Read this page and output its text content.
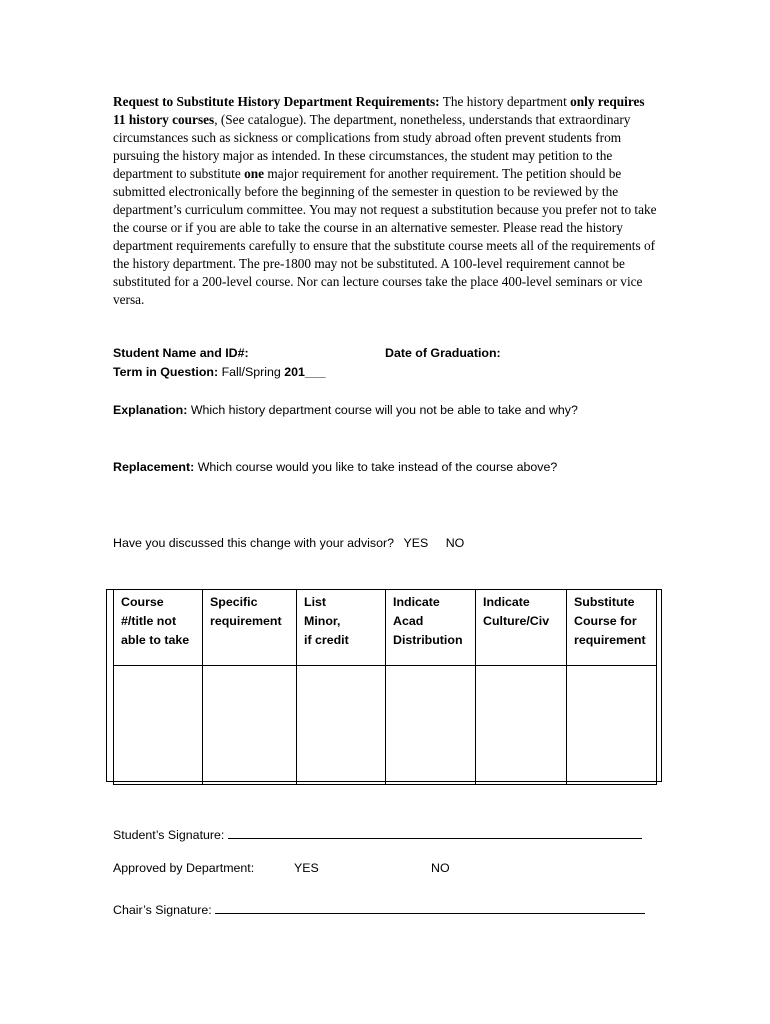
Request to Substitute History Department Requirements: The history department only requires 11 history courses, (See catalogue). The department, nonetheless, understands that extraordinary circumstances such as sickness or complications from study abroad often prevent students from pursuing the history major as intended. In these circumstances, the student may petition to the department to substitute one major requirement for another requirement. The petition should be submitted electronically before the beginning of the semester in question to be reviewed by the department’s curriculum committee. You may not request a substitution because you prefer not to take the course or if you are able to take the course in an alternative semester. Please read the history department requirements carefully to ensure that the substitute course meets all of the requirements of the history department. The pre-1800 may not be substituted. A 100-level requirement cannot be substituted for a 200-level course. Nor can lecture courses take the place 400-level seminars or vice versa.
Student Name and ID#:	Date of Graduation:
Term in Question: Fall/Spring 201___
Explanation: Which history department course will you not be able to take and why?
Replacement: Which course would you like to take instead of the course above?
Have you discussed this change with your advisor? YES NO
Course
#/title not
able to take	Specific
requirement	List
Minor,
if credit	Indicate
Acad
Distribution	Indicate
Culture/Civ	Substitute
Course for
requirement

Student’s Signature:
Approved by Department:	YES	NO
Chair’s Signature:
